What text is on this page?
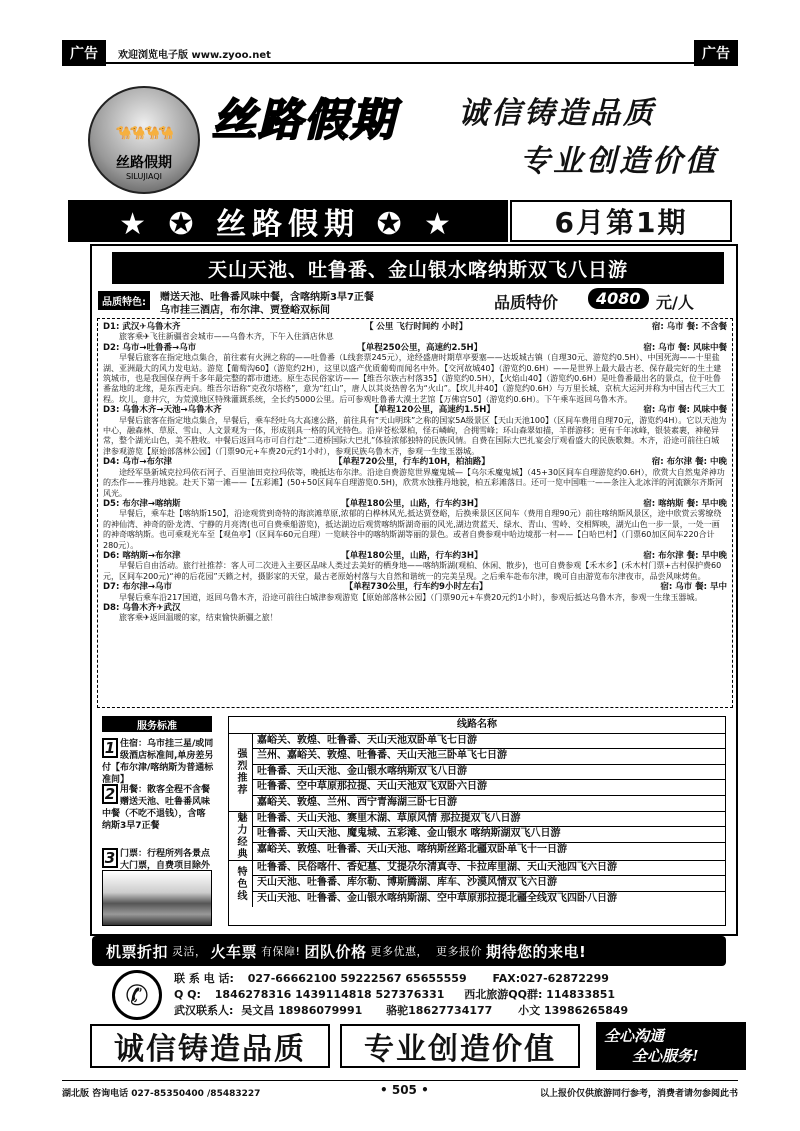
广告	欢迎浏览电子版 www.zyoo.net	广告
🐪🐪🐪🐪
丝路假期
SILUJIAQI
丝路假期 诚信铸造品质
专业创造价值
★ ✪ 丝路假期 ✪ ★	6月第1期
天山天池、吐鲁番、金山银水喀纳斯双飞八日游
品质特色:	赠送天池、吐鲁番风味中餐，含喀纳斯3早7正餐
乌市挂三酒店，布尔津、贾登峪双标间	品质特价	4080 元/人
D1: 武汉✈乌鲁木齐	【 公里 飞行时间约 小时】	宿: 乌市 餐: 不含餐
旅客乘✈飞往新疆省会城市——乌鲁木齐，下午入住酒店休息
D2: 乌市→吐鲁番→乌市	【单程250公里，高速约2.5H】	宿: 乌市 餐: 风味中餐
早餐后旅客在指定地点集合，前往素有火洲之称的——吐鲁番（L线套票245元），途经盛唐时期草亭要塞——达坂城古镇（自理30元、游览约0.5H）、中国死海——十里盐湖、亚洲最大的风力发电站。游览【葡萄沟60】（游览约2H），这里以盛产优质葡萄而闻名中外。【交河故城40】（游览约0.6H）——是世界上最大最古老、保存最完好的生土建筑城市，也是我国保存两千多年最完整的都市遗迹。原生态民俗家访——【维吾尔族古村落35】（游览约0.5H），【火焰山40】（游览约0.6H）是吐鲁番最出名的景点，位于吐鲁番盆地的北缘，是东西走向。维吾尔语称“克孜尔塔格”，意为“红山”，唐人以其炎热曾名为“火山”。【坎儿井40】（游览约0.6H）与万里长城、京杭大运河并称为中国古代三大工程。坎儿，意井穴，为荒漠地区特殊灌溉系统，全长约5000公里。后可参观吐鲁番大漠土艺馆【万佛宫50】（游览约0.6H）。下午乘车返回乌鲁木齐。
D3: 乌鲁木齐→天池→乌鲁木齐	【单程120公里，高速约1.5H】	宿: 乌市 餐: 风味中餐
早餐后旅客在指定地点集合，早餐后，乘车经吐乌大高速公路，前往具有“天山明珠”之称的国家5A级景区【天山天池100】（区间车费用自理70元，游览约4H）。它以天池为中心，融森林、草原、雪山、人文景观为一体，形成别具一格的风光特色。沿岸苍松翠柏，怪石嶙峋，合拥雪峰；环山森翠如描，羊群游移；更有千年冰峰，银装素裹，神秘异常，整个湖光山色，美不胜收。中餐后返回乌市可自行赴“二道桥国际大巴扎”体验浓郁独特的民族风情。自费在国际大巴扎宴会厅观看盛大的民族歌舞。木齐，沿途可前往白城津参观游览【原始部落林公园】（门票90元+车费20元约1小时），参观民族乌鲁木齐，参观一生缘玉器城。
D4: 乌市→布尔津	【单程720公里，行车约10H，柏油路】	宿: 布尔津 餐: 中晚
途经军垦新城克拉玛依石河子、百里油田克拉玛依等，晚抵达布尔津。沿途自费游览世界魔鬼城—【乌尔禾魔鬼城】（45+30区间车自理游览约0.6H），欣赏大自然鬼斧神功的杰作——雅丹地貌。赴天下第一滩——【五彩滩】(50+50区间车自理游览0.5H)，欣赏水蚀雅丹地貌，柏五彩滩落日。还可一览中国唯一——条注入北冰洋的河流额尔齐斯河风光。
D5: 布尔津→喀纳斯	【单程180公里，山路，行车约3H】	宿: 喀纳斯 餐: 早中晚
早餐后，乘车赴【喀纳斯150】，沿途观赏到奇特的海滨滩草原,浓郁的白桦林风光,抵达贾登峪，后换乘景区区间车（费用自理90元）前往喀纳斯风景区，途中欣赏云雾缭绕的神仙湾、神奇的卧龙湾、宁静的月亮湾(也可自费乘船游览)，抵达湖边后观赏喀纳斯湖奇丽的风光,湖边赏蓝天、绿水、青山、雪岭、交相辉映，湖光山色一步一景，一处一画的神奇喀纳斯。也可乘观光车至【观鱼亭】（区间车60元自理）一览峡谷中的喀纳斯湖等丽的景色。或者自费参观中哈边境那一村——【白哈巴村】（门票60加区间车220合计280元）。
D6: 喀纳斯→布尔津	【单程180公里，山路，行车约3H】	宿: 布尔津 餐: 早中晚
早餐后自由活动。旅行社推荐：客人可二次进入主要区品味人类过去美好的栖身地——喀纳斯湖(观柏、休闲、散步)，也可自费参观【禾木乡】(禾木村门票+古村保护费60元，区间车200元)“神的后花园”天籁之村，摄影家的天堂，最古老原始村落与大自然和谐统一的完美呈现。之后乘车赴布尔津，晚可自由游览布尔津夜市，品尝风味烤鱼。
D7: 布尔津→乌市	【单程730公里，行车约9小时左右】	宿: 乌市 餐: 早中
早餐后乘车沿217国道，返回乌鲁木齐，沿途可前往白城津参观游览【原始部落林公园】（门票90元+车费20元约1小时），参观后抵达乌鲁木齐，参观一生缘玉器城。
D8: 乌鲁木齐✈武汉
旅客乘✈返回温暖的家，结束愉快新疆之旅！
服务标准
1 住宿：乌市挂三星/或同级酒店标准间,单房差另付【布尔津/喀纳斯为普通标准间】
2 用餐：散客全程不含餐 赠送天池、吐鲁番风味中餐（不吃不退钱），含喀纳斯3早7正餐
3 门票：行程所列各景点大门票，自费项目除外
线路名称
强烈推荐
嘉峪关、敦煌、吐鲁番、天山天池双卧单飞七日游
兰州、嘉峪关、敦煌、吐鲁番、天山天池三卧单飞七日游
吐鲁番、天山天池、金山银水喀纳斯双飞八日游
吐鲁番、空中草原那拉提、天山天池双飞双卧六日游
嘉峪关、敦煌、兰州、西宁青海湖三卧七日游
魅力经典	吐鲁番、天山天池、赛里木湖、草原风情 那拉提双飞八日游
吐鲁番、天山天池、魔鬼城、五彩滩、金山银水 喀纳斯湖双飞八日游
嘉峪关、敦煌、吐鲁番、天山天池、喀纳斯丝路北疆双卧单飞十一日游
特色线	吐鲁番、民俗喀什、香妃墓、艾提尕尔清真寺、卡拉库里湖、天山天池四飞六日游
天山天池、吐鲁番、库尔勒、博斯腾湖、库车、沙漠风情双飞六日游
天山天池、吐鲁番、金山银水喀纳斯湖、空中草原那拉提北疆全线双飞四卧八日游
机票折扣 灵活， 火车票 有保障! 团队价格 更多优惠， 更多报价 期待您的来电!
✆	联 系 电 话: 027-66662100 59222567 65655559 FAX:027-62872299
Q Q: 1846278316 1439114818 527376331 西北旅游QQ群: 114833851
武汉联系人: 吴文昌 18986079991 骆驼18627734177 小文 13986265849
诚信铸造品质	专业创造价值	全心沟通
全心服务!
湖北版 咨询电话 027-85350400 /85483227	• 505 •	以上报价仅供旅游同行参考，消费者请勿参阅此书
